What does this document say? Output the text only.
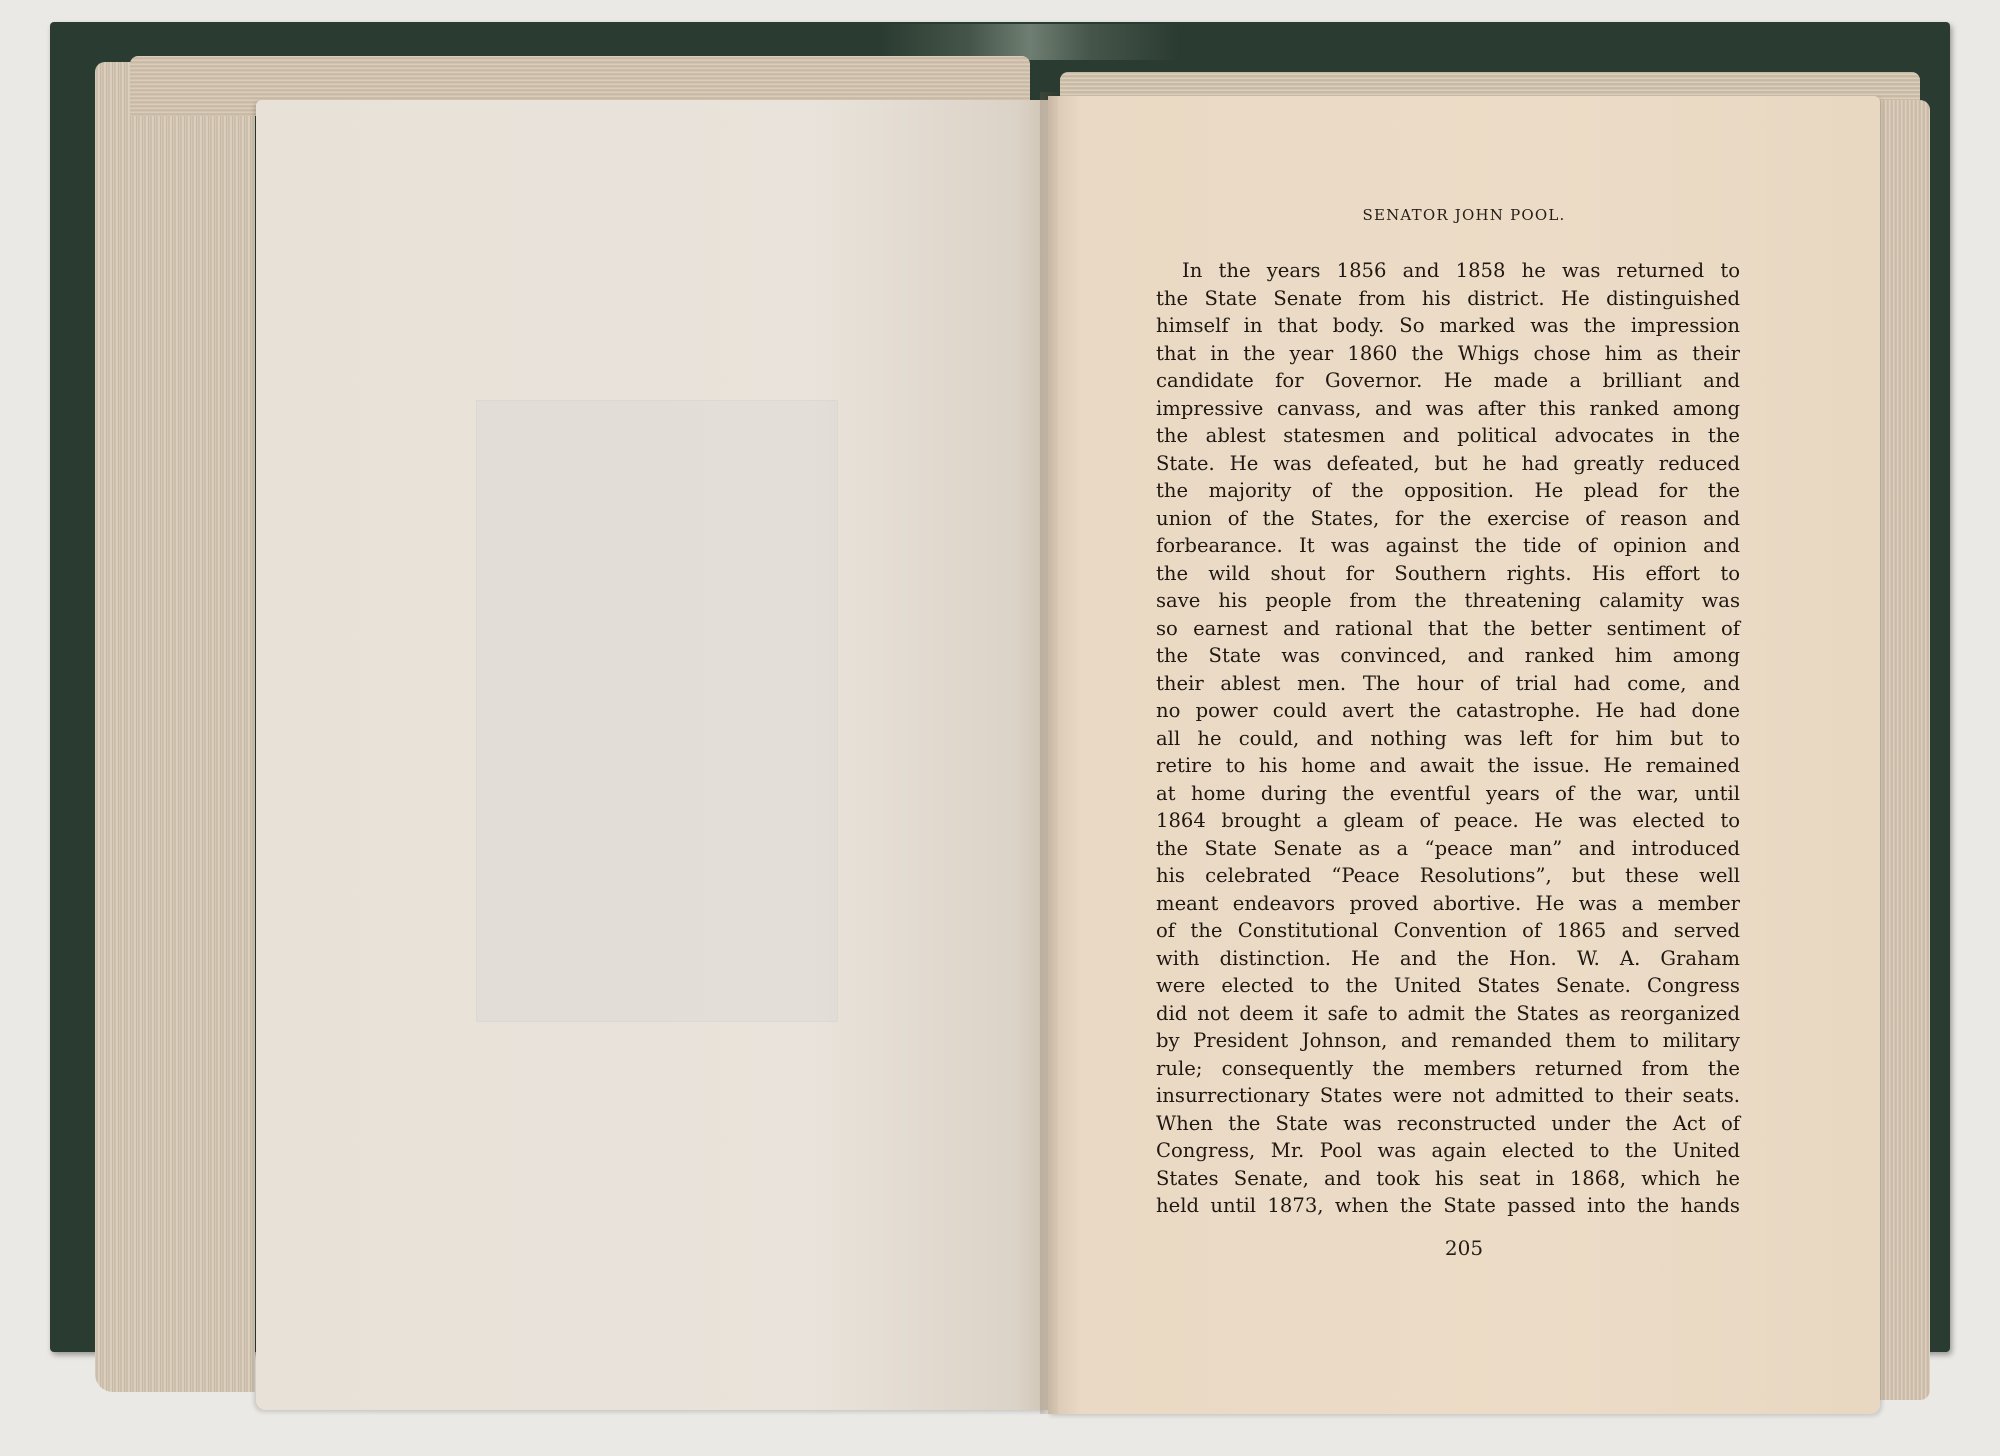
SENATOR JOHN POOL.
In the years 1856 and 1858 he was returned to
the State Senate from his district. He distinguished
himself in that body. So marked was the impression
that in the year 1860 the Whigs chose him as their
candidate for Governor. He made a brilliant and
impressive canvass, and was after this ranked among
the ablest statesmen and political advocates in the
State. He was defeated, but he had greatly reduced
the majority of the opposition. He plead for the
union of the States, for the exercise of reason and
forbearance. It was against the tide of opinion and
the wild shout for Southern rights. His effort to
save his people from the threatening calamity was
so earnest and rational that the better sentiment of
the State was convinced, and ranked him among
their ablest men. The hour of trial had come, and
no power could avert the catastrophe. He had done
all he could, and nothing was left for him but to
retire to his home and await the issue. He remained
at home during the eventful years of the war, until
1864 brought a gleam of peace. He was elected to
the State Senate as a “peace man” and introduced
his celebrated “Peace Resolutions”, but these well
meant endeavors proved abortive. He was a member
of the Constitutional Convention of 1865 and served
with distinction. He and the Hon. W. A. Graham
were elected to the United States Senate. Congress
did not deem it safe to admit the States as reorganized
by President Johnson, and remanded them to military
rule; consequently the members returned from the
insurrectionary States were not admitted to their seats.
When the State was reconstructed under the Act of
Congress, Mr. Pool was again elected to the United
States Senate, and took his seat in 1868, which he
held until 1873, when the State passed into the hands
205
